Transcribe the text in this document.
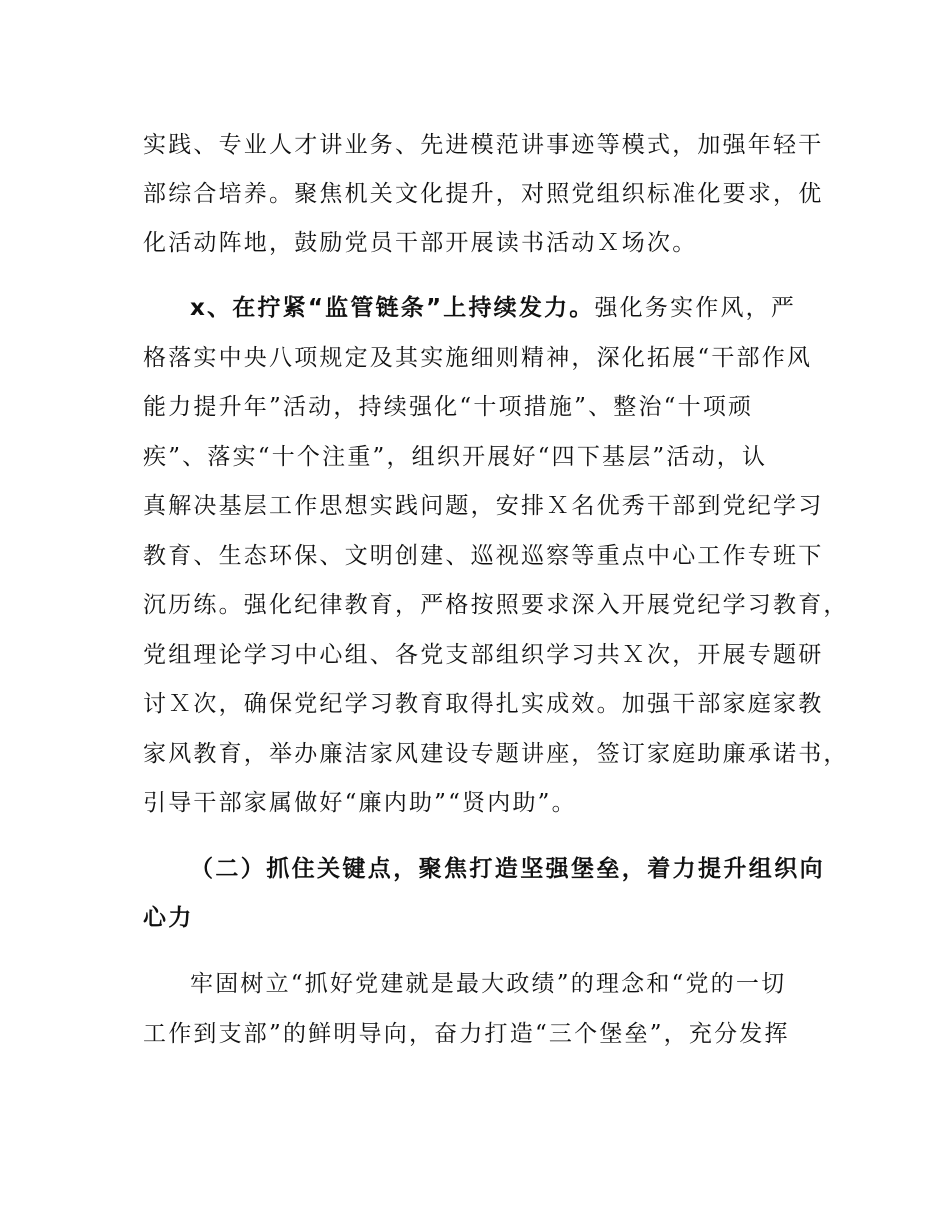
实践、专业人才讲业务、先进模范讲事迹等模式，加强年轻干
部综合培养。聚焦机关文化提升，对照党组织标准化要求，优
化活动阵地，鼓励党员干部开展读书活动Ｘ场次。
x、在拧紧“监管链条”上持续发力。强化务实作风，严
格落实中央八项规定及其实施细则精神，深化拓展“干部作风
能力提升年”活动，持续强化“十项措施”、整治“十项顽
疾”、落实“十个注重”，组织开展好“四下基层”活动，认
真解决基层工作思想实践问题，安排Ｘ名优秀干部到党纪学习
教育、生态环保、文明创建、巡视巡察等重点中心工作专班下
沉历练。强化纪律教育，严格按照要求深入开展党纪学习教育，
党组理论学习中心组、各党支部组织学习共Ｘ次，开展专题研
讨Ｘ次，确保党纪学习教育取得扎实成效。加强干部家庭家教
家风教育，举办廉洁家风建设专题讲座，签订家庭助廉承诺书，
引导干部家属做好“廉内助”“贤内助”。
（二）抓住关键点，聚焦打造坚强堡垒，着力提升组织向
心力
牢固树立“抓好党建就是最大政绩”的理念和“党的一切
工作到支部”的鲜明导向，奋力打造“三个堡垒”，充分发挥
